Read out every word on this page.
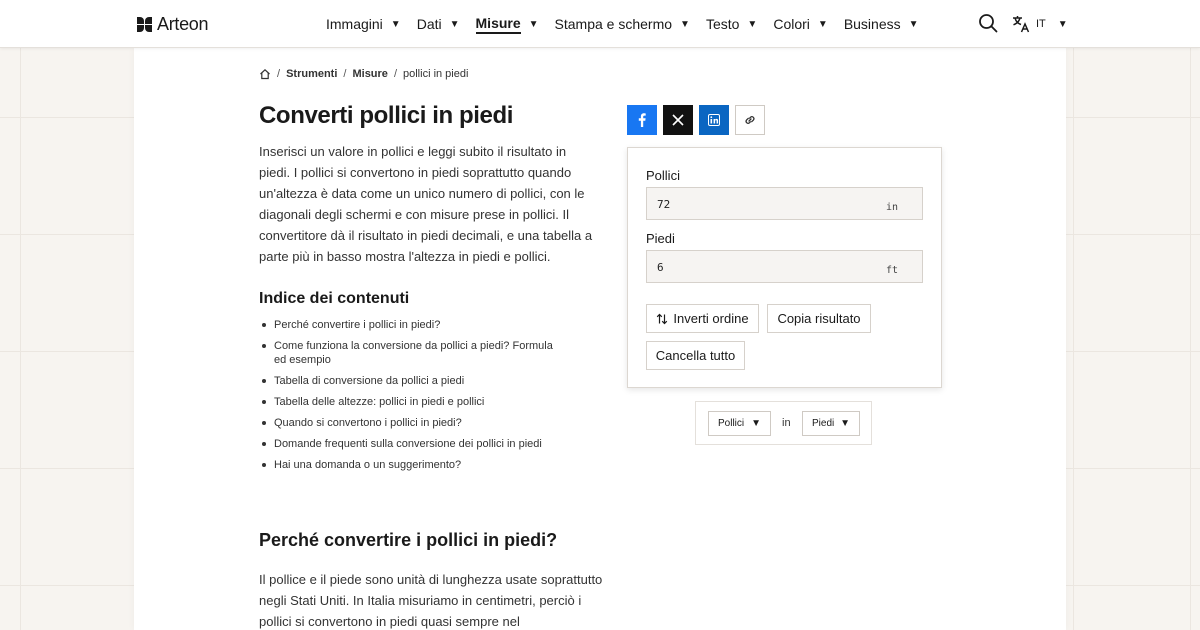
Arteon	Immagini ▼ Dati ▼ Misure ▼ Stampa e schermo ▼ Testo ▼ Colori ▼ Business ▼	IT ▼
/ Strumenti / Misure / pollici in piedi
Converti pollici in piedi

Inserisci un valore in pollici e leggi subito il risultato in piedi. I pollici si convertono in piedi soprattutto quando un'altezza è data come un unico numero di pollici, con le diagonali degli schermi e con misure prese in pollici. Il convertitore dà il risultato in piedi decimali, e una tabella a parte più in basso mostra l'altezza in piedi e pollici.

Indice dei contenuti
Perché convertire i pollici in piedi?
Come funziona la conversione da pollici a piedi? Formula ed esempio
Tabella di conversione da pollici a piedi
Tabella delle altezze: pollici in piedi e pollici
Quando si convertono i pollici in piedi?
Domande frequenti sulla conversione dei pollici in piedi
Hai una domanda o un suggerimento?
Perché convertire i pollici in piedi?

Il pollice e il piede sono unità di lunghezza usate soprattutto negli Stati Uniti. In Italia misuriamo in centimetri, perciò i pollici si convertono in piedi quasi sempre nel

Pollici
72	in
Piedi
6	ft
Inverti ordine Copia risultato
Cancella tutto
Pollici ▼ in Piedi ▼
